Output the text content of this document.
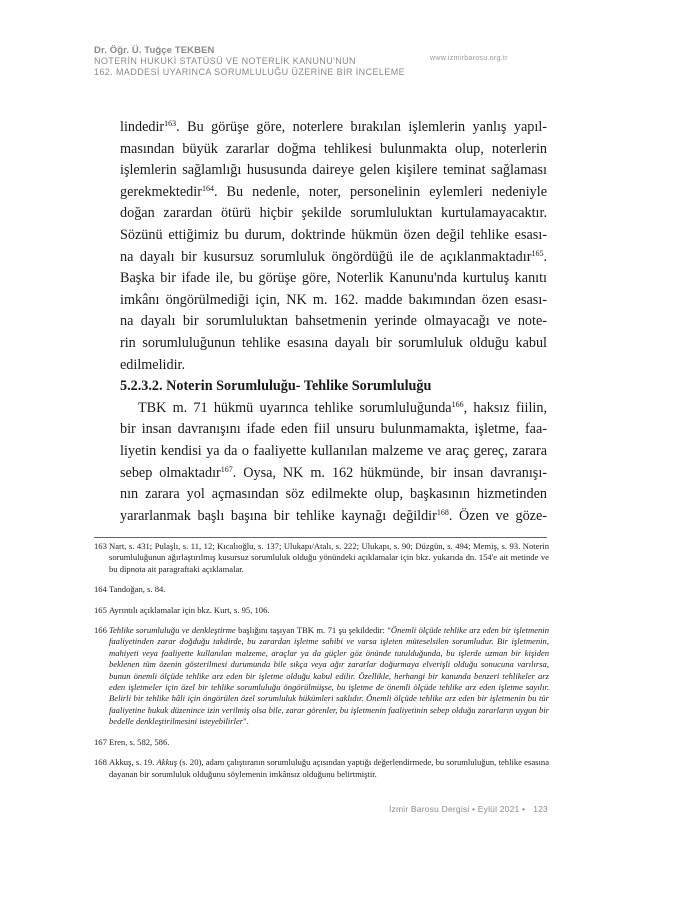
Dr. Öğr. Ü. Tuğçe TEKBEN
NOTERİN HUKUKİ STATÜSÜ VE NOTERLİK KANUNU'NUN
162. MADDESİ UYARINCA SORUMLULUĞU ÜZERİNE BİR İNCELEME
www.izmirbarosu.org.tr

lindedir$^{163}$. Bu görüşe göre, noterlere bırakılan işlemlerin yanlış yapıl-
masından büyük zararlar doğma tehlikesi bulunmakta olup, noterlerin
işlemlerin sağlamlığı hususunda daireye gelen kişilere teminat sağlaması
gerekmektedir$^{164}$. Bu nedenle, noter, personelinin eylemleri nedeniyle
doğan zarardan ötürü hiçbir şekilde sorumluluktan kurtulamayacaktır.
Sözünü ettiğimiz bu durum, doktrinde hükmün özen değil tehlike esası-
na dayalı bir kusursuz sorumluluk öngördüğü ile de açıklanmaktadır$^{165}$.
Başka bir ifade ile, bu görüşe göre, Noterlik Kanunu'nda kurtuluş kanıtı
imkânı öngörülmediği için, NK m. 162. madde bakımından özen esası-
na dayalı bir sorumluluktan bahsetmenin yerinde olmayacağı ve note-
rin sorumluluğunun tehlike esasına dayalı bir sorumluluk olduğu kabul
edilmelidir.

5.2.3.2. Noterin Sorumluluğu- Tehlike Sorumluluğu

TBK m. 71 hükmü uyarınca tehlike sorumluluğunda$^{166}$, haksız fiilin,
bir insan davranışını ifade eden fiil unsuru bulunmamakta, işletme, faa-
liyetin kendisi ya da o faaliyette kullanılan malzeme ve araç gereç, zarara
sebep olmaktadır$^{167}$. Oysa, NK m. 162 hükmünde, bir insan davranışı-
nın zarara yol açmasından söz edilmekte olup, başkasının hizmetinden
yararlanmak başlı başına bir tehlike kaynağı değildir$^{168}$. Özen ve göze-

163 Nart, s. 431; Pulaşlı, s. 11, 12; Kıcalıoğlu, s. 137; Ulukapı/Atalı, s. 222; Ulukapı, s. 90; Düzgün, s. 494; Memiş, s. 93. Noterin sorumluluğunun ağırlaştırılmış kusursuz sorumluluk olduğu yönündeki açıklamalar için bkz. yukarıda dn. 154'e ait metinde ve bu dipnota ait paragraftaki açıklamalar.
164 Tandoğan, s. 84.
165 Ayrıntılı açıklamalar için bkz. Kurt, s. 95, 106.
166 Tehlike sorumluluğu ve denkleştirme başlığını taşıyan TBK m. 71 şu şekildedir: "Önemli ölçüde tehlike arz eden bir işletmenin faaliyetinden zarar doğduğu takdirde, bu zarardan işletme sahibi ve varsa işleten müteselsilen sorumludur. Bir işletmenin, mahiyeti veya faaliyette kullanılan malzeme, araçlar ya da güçler göz önünde tutulduğunda, bu işlerde uzman bir kişiden beklenen tüm özenin gösterilmesi durumunda bile sıkça veya ağır zararlar doğurmaya elverişli olduğu sonucuna varılırsa, bunun önemli ölçüde tehlike arz eden bir işletme olduğu kabul edilir. Özellikle, herhangi bir kanunda benzeri tehlikeler arz eden işletmeler için özel bir tehlike sorumluluğu öngörülmüşse, bu işletme de önemli ölçüde tehlike arz eden işletme sayılır. Belirli bir tehlike hâli için öngörülen özel sorumluluk hükümleri saklıdır. Önemli ölçüde tehlike arz eden bir işletmenin bu tür faaliyetine hukuk düzenince izin verilmiş olsa bile, zarar görenler, bu işletmenin faaliyetinin sebep olduğu zararların uygun bir bedelle denkleştirilmesini isteyebilirler".
167 Eren, s. 582, 586.
168 Akkuş, s. 19. Akkuş (s. 20), adam çalıştıranın sorumluluğu açısından yaptığı değerlendirmede, bu sorumluluğun, tehlike esasına dayanan bir sorumluluk olduğunu söylemenin imkânsız olduğunu belirtmiştir.
İzmir Barosu Dergisi • Eylül 2021 • 123
